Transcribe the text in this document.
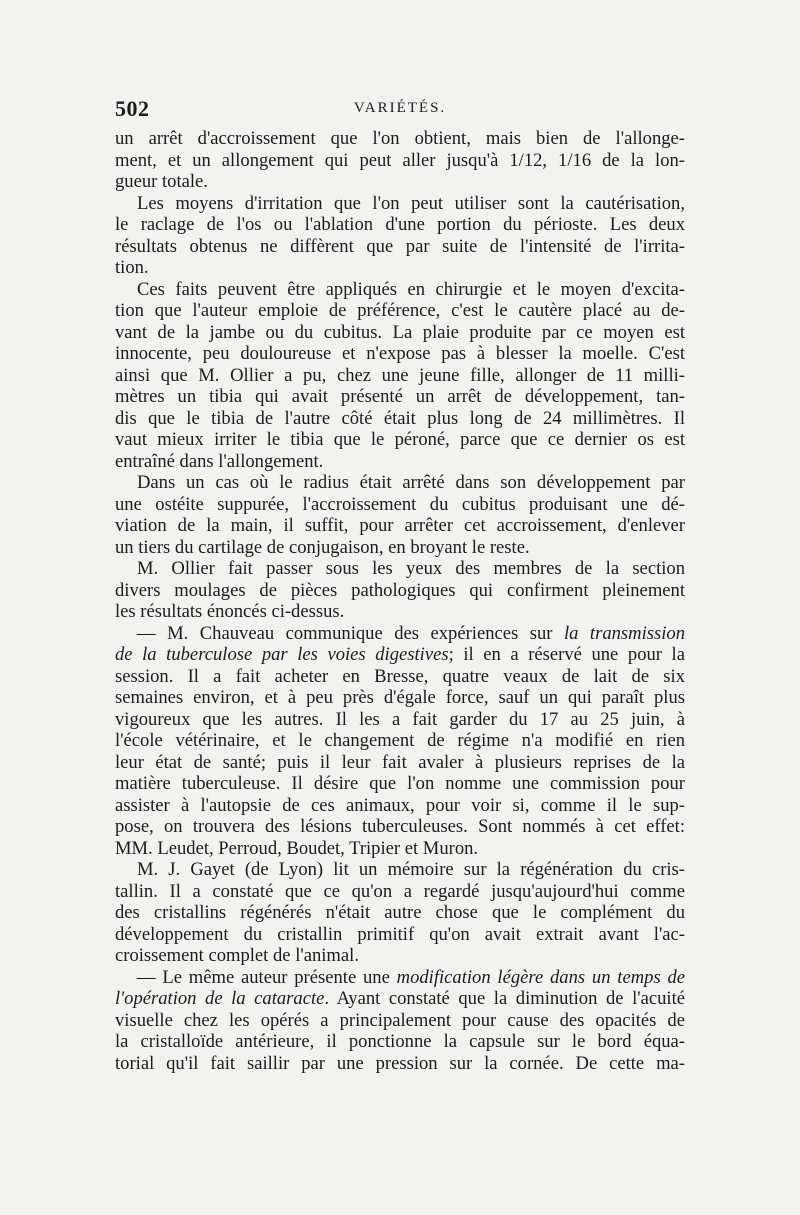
502	VARIÉTÉS.
un arrêt d'accroissement que l'on obtient, mais bien de l'allonge-
ment, et un allongement qui peut aller jusqu'à 1/12, 1/16 de la lon-
gueur totale.
Les moyens d'irritation que l'on peut utiliser sont la cautérisation,
le raclage de l'os ou l'ablation d'une portion du périoste. Les deux
résultats obtenus ne diffèrent que par suite de l'intensité de l'irrita-
tion.
Ces faits peuvent être appliqués en chirurgie et le moyen d'excita-
tion que l'auteur emploie de préférence, c'est le cautère placé au de-
vant de la jambe ou du cubitus. La plaie produite par ce moyen est
innocente, peu douloureuse et n'expose pas à blesser la moelle. C'est
ainsi que M. Ollier a pu, chez une jeune fille, allonger de 11 milli-
mètres un tibia qui avait présenté un arrêt de développement, tan-
dis que le tibia de l'autre côté était plus long de 24 millimètres. Il
vaut mieux irriter le tibia que le péroné, parce que ce dernier os est
entraîné dans l'allongement.
Dans un cas où le radius était arrêté dans son développement par
une ostéite suppurée, l'accroissement du cubitus produisant une dé-
viation de la main, il suffit, pour arrêter cet accroissement, d'enlever
un tiers du cartilage de conjugaison, en broyant le reste.
M. Ollier fait passer sous les yeux des membres de la section
divers moulages de pièces pathologiques qui confirment pleinement
les résultats énoncés ci-dessus.
— M. Chauveau communique des expériences sur la transmission
de la tuberculose par les voies digestives; il en a réservé une pour la
session. Il a fait acheter en Bresse, quatre veaux de lait de six
semaines environ, et à peu près d'égale force, sauf un qui paraît plus
vigoureux que les autres. Il les a fait garder du 17 au 25 juin, à
l'école vétérinaire, et le changement de régime n'a modifié en rien
leur état de santé; puis il leur fait avaler à plusieurs reprises de la
matière tuberculeuse. Il désire que l'on nomme une commission pour
assister à l'autopsie de ces animaux, pour voir si, comme il le sup-
pose, on trouvera des lésions tuberculeuses. Sont nommés à cet effet:
MM. Leudet, Perroud, Boudet, Tripier et Muron.
M. J. Gayet (de Lyon) lit un mémoire sur la régénération du cris-
tallin. Il a constaté que ce qu'on a regardé jusqu'aujourd'hui comme
des cristallins régénérés n'était autre chose que le complément du
développement du cristallin primitif qu'on avait extrait avant l'ac-
croissement complet de l'animal.
— Le même auteur présente une modification légère dans un temps de
l'opération de la cataracte. Ayant constaté que la diminution de l'acuité
visuelle chez les opérés a principalement pour cause des opacités de
la cristalloïde antérieure, il ponctionne la capsule sur le bord équa-
torial qu'il fait saillir par une pression sur la cornée. De cette ma-
